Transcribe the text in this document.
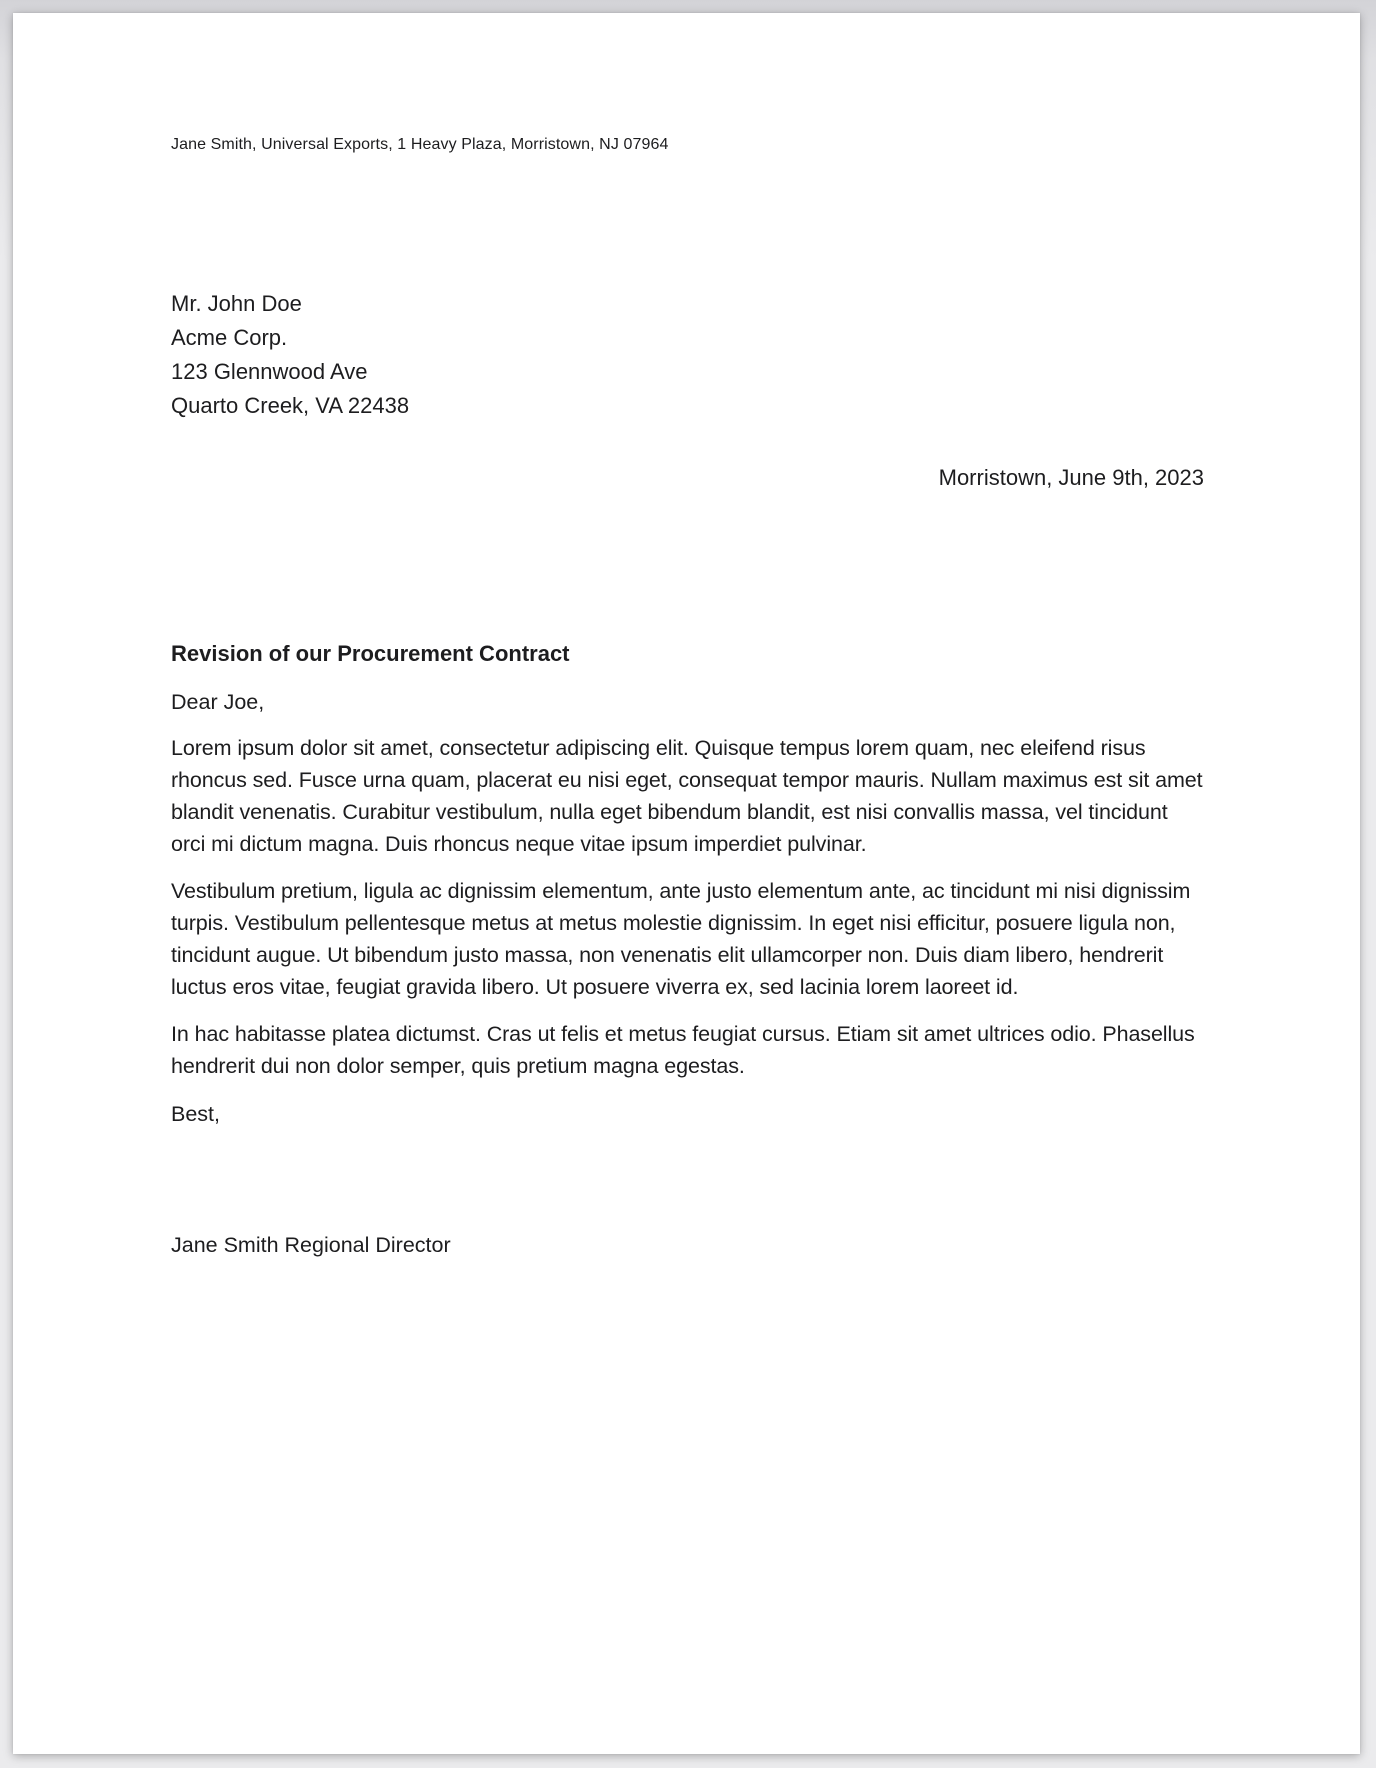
Jane Smith, Universal Exports, 1 Heavy Plaza, Morristown, NJ 07964
Mr. John Doe
Acme Corp.
123 Glennwood Ave
Quarto Creek, VA 22438
Morristown, June 9th, 2023
Revision of our Procurement Contract

Dear Joe,

Lorem ipsum dolor sit amet, consectetur adipiscing elit. Quisque tempus lorem quam, nec eleifend risus rhoncus sed. Fusce urna quam, placerat eu nisi eget, consequat tempor mauris. Nullam maximus est sit amet blandit venenatis. Curabitur vestibulum, nulla eget bibendum blandit, est nisi convallis massa, vel tincidunt orci mi dictum magna. Duis rhoncus neque vitae ipsum imperdiet pulvinar.

Vestibulum pretium, ligula ac dignissim elementum, ante justo elementum ante, ac tincidunt mi nisi dignissim turpis. Vestibulum pellentesque metus at metus molestie dignissim. In eget nisi efficitur, posuere ligula non, tincidunt augue. Ut bibendum justo massa, non venenatis elit ullamcorper non. Duis diam libero, hendrerit luctus eros vitae, feugiat gravida libero. Ut posuere viverra ex, sed lacinia lorem laoreet id.

In hac habitasse platea dictumst. Cras ut felis et metus feugiat cursus. Etiam sit amet ultrices odio. Phasellus hendrerit dui non dolor semper, quis pretium magna egestas.

Best,

Jane Smith Regional Director
